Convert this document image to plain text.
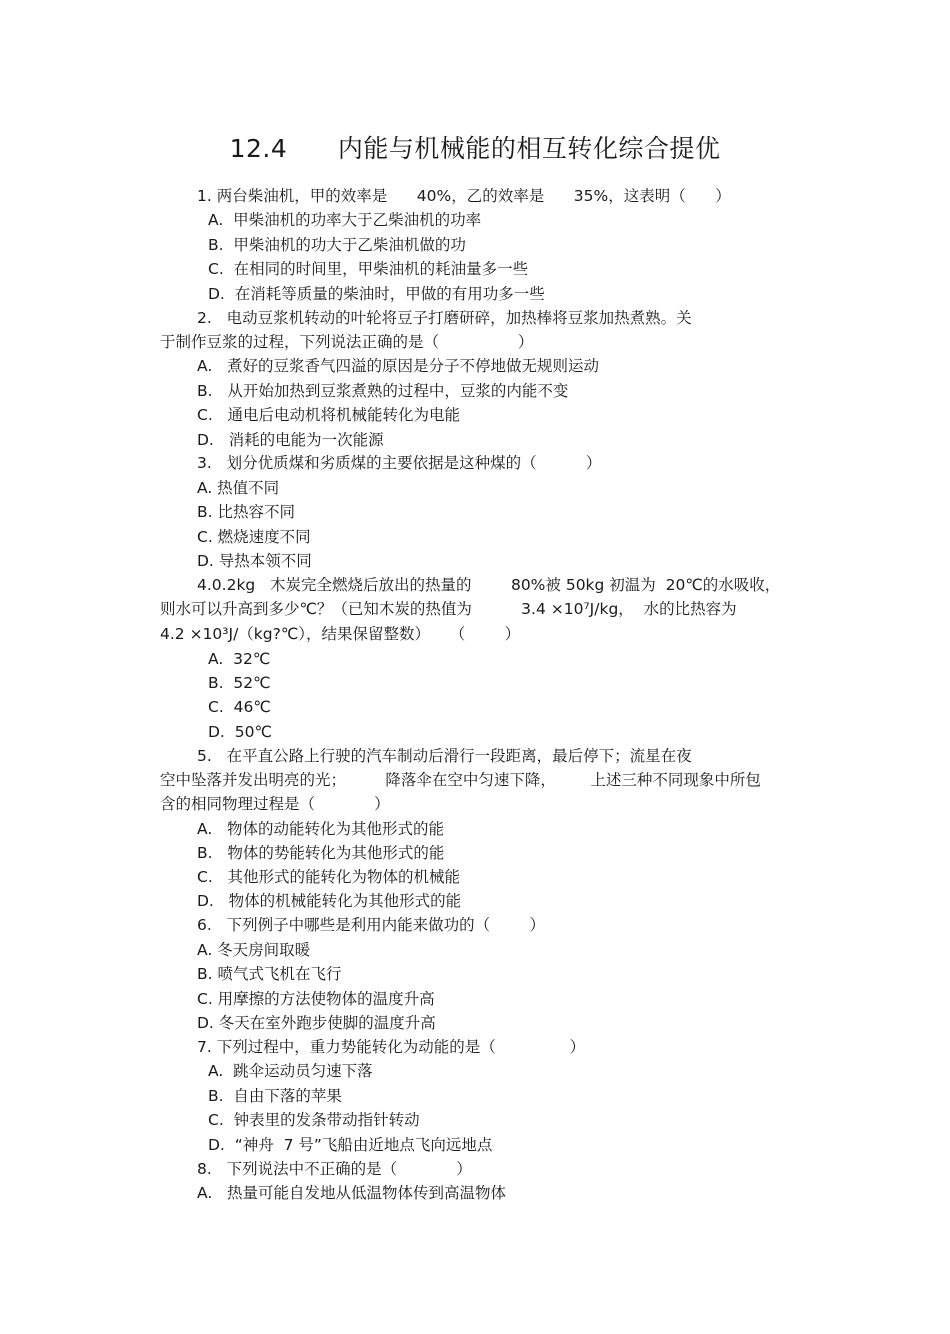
12.4      内能与机械能的相互转化综合提优
1. 两台柴油机，甲的效率是      40%，乙的效率是      35%，这表明（      ）
A.  甲柴油机的功率大于乙柴油机的功率
B.  甲柴油机的功大于乙柴油机做的功
C.  在相同的时间里，甲柴油机的耗油量多一些
D.  在消耗等质量的柴油时，甲做的有用功多一些
2.   电动豆浆机转动的叶轮将豆子打磨研碎，加热棒将豆浆加热煮熟。关
于制作豆浆的过程，下列说法正确的是（                ）
A.   煮好的豆浆香气四溢的原因是分子不停地做无规则运动
B.   从开始加热到豆浆煮熟的过程中，豆浆的内能不变
C.   通电后电动机将机械能转化为电能
D.   消耗的电能为一次能源
3.   划分优质煤和劣质煤的主要依据是这种煤的（          ）
A. 热值不同
B. 比热容不同
C. 燃烧速度不同
D. 导热本领不同
4.0.2kg   木炭完全燃烧后放出的热量的        80%被 50kg 初温为  20℃的水吸收，
则水可以升高到多少℃？（已知木炭的热值为          3.4 ×10⁷J/kg，  水的比热容为
4.2 ×10³J/（kg?℃），结果保留整数）    （        ）
A.  32℃
B.  52℃
C.  46℃
D.  50℃
5.   在平直公路上行驶的汽车制动后滑行一段距离，最后停下；流星在夜
空中坠落并发出明亮的光；        降落伞在空中匀速下降，       上述三种不同现象中所包
含的相同物理过程是（            ）
A.   物体的动能转化为其他形式的能
B.   物体的势能转化为其他形式的能
C.   其他形式的能转化为物体的机械能
D.   物体的机械能转化为其他形式的能
6.   下列例子中哪些是利用内能来做功的（        ）
A. 冬天房间取暖
B. 喷气式飞机在飞行
C. 用摩擦的方法使物体的温度升高
D. 冬天在室外跑步使脚的温度升高
7. 下列过程中，重力势能转化为动能的是（               ）
A.  跳伞运动员匀速下落
B.  自由下落的苹果
C.  钟表里的发条带动指针转动
D.  “神舟  7 号”飞船由近地点飞向远地点
8.   下列说法中不正确的是（            ）
A.   热量可能自发地从低温物体传到高温物体
